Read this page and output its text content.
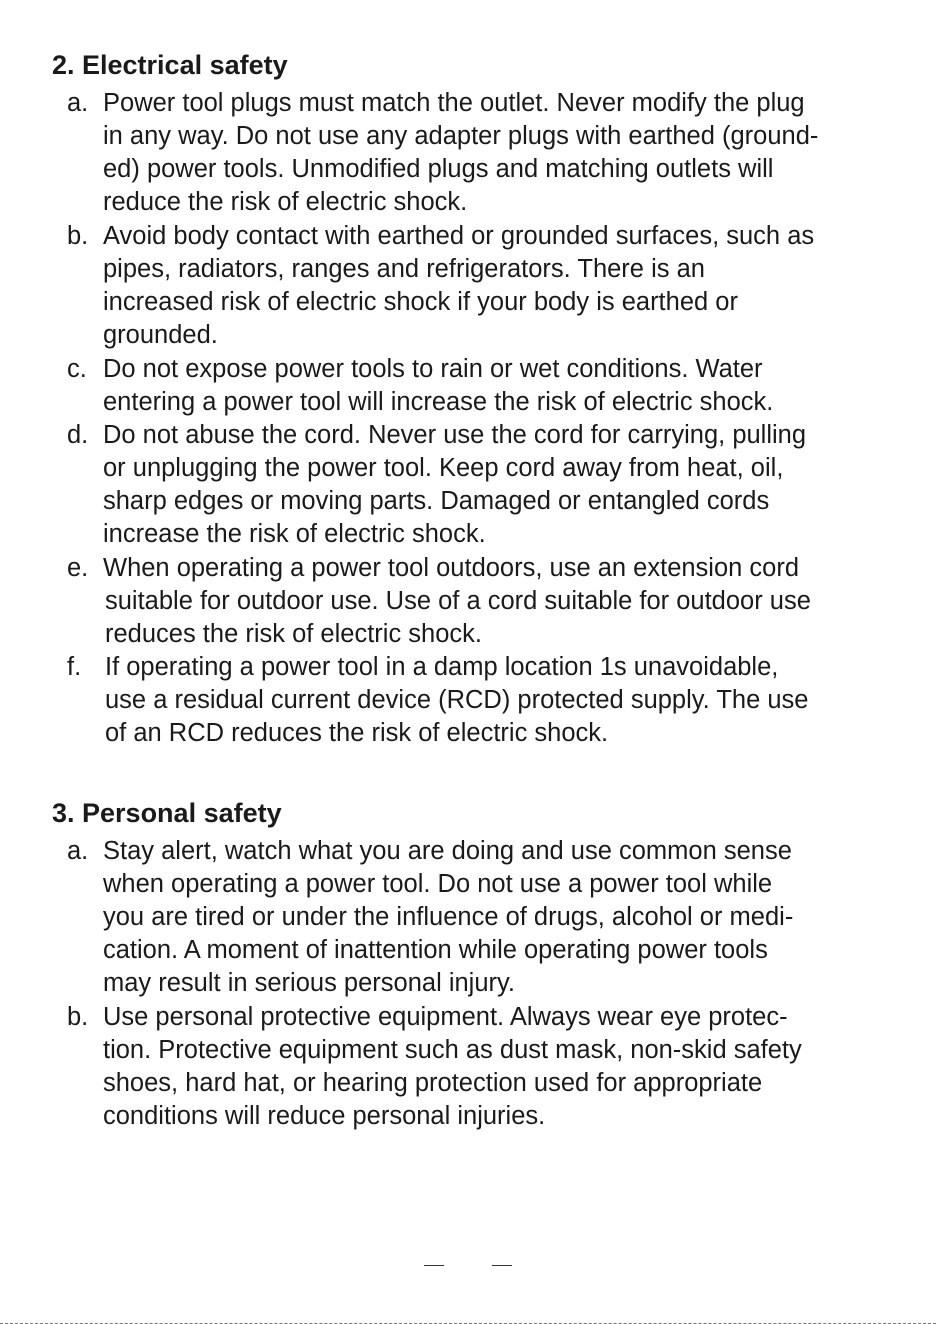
2. Electrical safety
a. Power tool plugs must match the outlet. Never modify the plug
in any way. Do not use any adapter plugs with earthed (ground-
ed) power tools. Unmodified plugs and matching outlets will
reduce the risk of electric shock.
b. Avoid body contact with earthed or grounded surfaces, such as
pipes, radiators, ranges and refrigerators. There is an
increased risk of electric shock if your body is earthed or
grounded.
c. Do not expose power tools to rain or wet conditions. Water
entering a power tool will increase the risk of electric shock.
d. Do not abuse the cord. Never use the cord for carrying, pulling
or unplugging the power tool. Keep cord away from heat, oil,
sharp edges or moving parts. Damaged or entangled cords
increase the risk of electric shock.
e. When operating a power tool outdoors, use an extension cord
suitable for outdoor use. Use of a cord suitable for outdoor use
reduces the risk of electric shock.
f. If operating a power tool in a damp location 1s unavoidable,
use a residual current device (RCD) protected supply. The use
of an RCD reduces the risk of electric shock.
3. Personal safety
a. Stay alert, watch what you are doing and use common sense
when operating a power tool. Do not use a power tool while
you are tired or under the influence of drugs, alcohol or medi-
cation. A moment of inattention while operating power tools
may result in serious personal injury.
b. Use personal protective equipment. Always wear eye protec-
tion. Protective equipment such as dust mask, non-skid safety
shoes, hard hat, or hearing protection used for appropriate
conditions will reduce personal injuries.
